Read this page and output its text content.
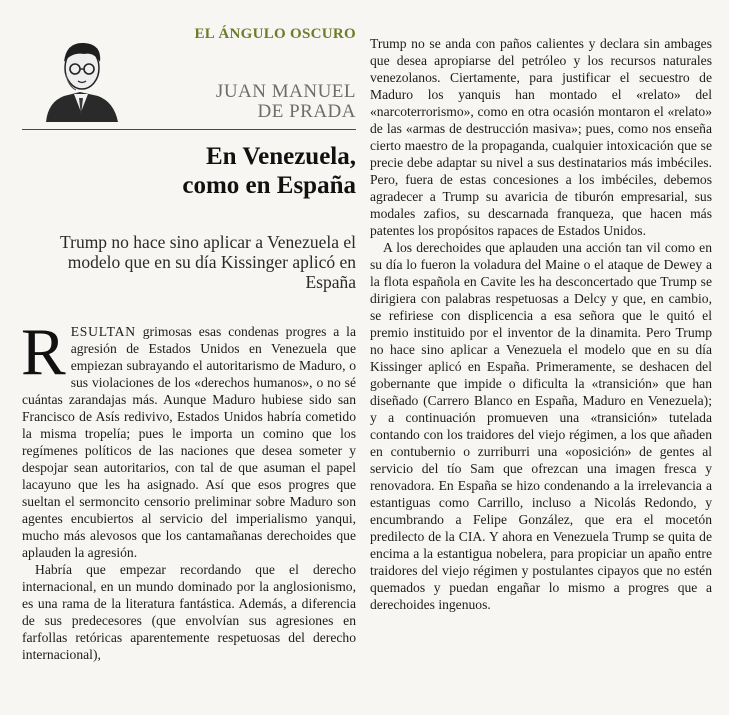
EL ÁNGULO OSCURO
JUAN MANUEL
DE PRADA
En Venezuela,
como en España
Trump no hace sino aplicar a Venezuela el modelo que en su día Kissinger aplicó en España

RESULTAN grimosas esas condenas progres a la agresión de Estados Unidos en Venezuela que empiezan subrayando el autoritarismo de Maduro, o sus violaciones de los «derechos humanos», o no sé cuántas zarandajas más. Aunque Maduro hubiese sido san Francisco de Asís redivivo, Estados Unidos habría cometido la misma tropelía; pues le importa un comino que los regímenes políticos de las naciones que desea someter y despojar sean autoritarios, con tal de que asuman el papel lacayuno que les ha asignado. Así que esos progres que sueltan el sermoncito censorio preliminar sobre Maduro son agentes encubiertos al servicio del imperialismo yanqui, mucho más alevosos que los cantamañanas derechoides que aplauden la agresión.

Habría que empezar recordando que el derecho internacional, en un mundo dominado por la anglosionismo, es una rama de la literatura fantástica. Además, a diferencia de sus predecesores (que envolvían sus agresiones en farfollas retóricas aparentemente respetuosas del derecho internacional),

Trump no se anda con paños calientes y declara sin ambages que desea apropiarse del petróleo y los recursos naturales venezolanos. Ciertamente, para justificar el secuestro de Maduro los yanquis han montado el «relato» del «narcoterrorismo», como en otra ocasión montaron el «relato» de las «armas de destrucción masiva»; pues, como nos enseña cierto maestro de la propaganda, cualquier intoxicación que se precie debe adaptar su nivel a sus destinatarios más imbéciles. Pero, fuera de estas concesiones a los imbéciles, debemos agradecer a Trump su avaricia de tiburón empresarial, sus modales zafios, su descarnada franqueza, que hacen más patentes los propósitos rapaces de Estados Unidos.

A los derechoides que aplauden una acción tan vil como en su día lo fueron la voladura del Maine o el ataque de Dewey a la flota española en Cavite les ha desconcertado que Trump se dirigiera con palabras respetuosas a Delcy y que, en cambio, se refiriese con displicencia a esa señora que le quitó el premio instituido por el inventor de la dinamita. Pero Trump no hace sino aplicar a Venezuela el modelo que en su día Kissinger aplicó en España. Primeramente, se deshacen del gobernante que impide o dificulta la «transición» que han diseñado (Carrero Blanco en España, Maduro en Venezuela); y a continuación promueven una «transición» tutelada contando con los traidores del viejo régimen, a los que añaden en contubernio o zurriburri una «oposición» de gentes al servicio del tío Sam que ofrezcan una imagen fresca y renovadora. En España se hizo condenando a la irrelevancia a estantiguas como Carrillo, incluso a Nicolás Redondo, y encumbrando a Felipe González, que era el mocetón predilecto de la CIA. Y ahora en Venezuela Trump se quita de encima a la estantigua nobelera, para propiciar un apaño entre traidores del viejo régimen y postulantes cipayos que no estén quemados y puedan engañar lo mismo a progres que a derechoides ingenuos.
